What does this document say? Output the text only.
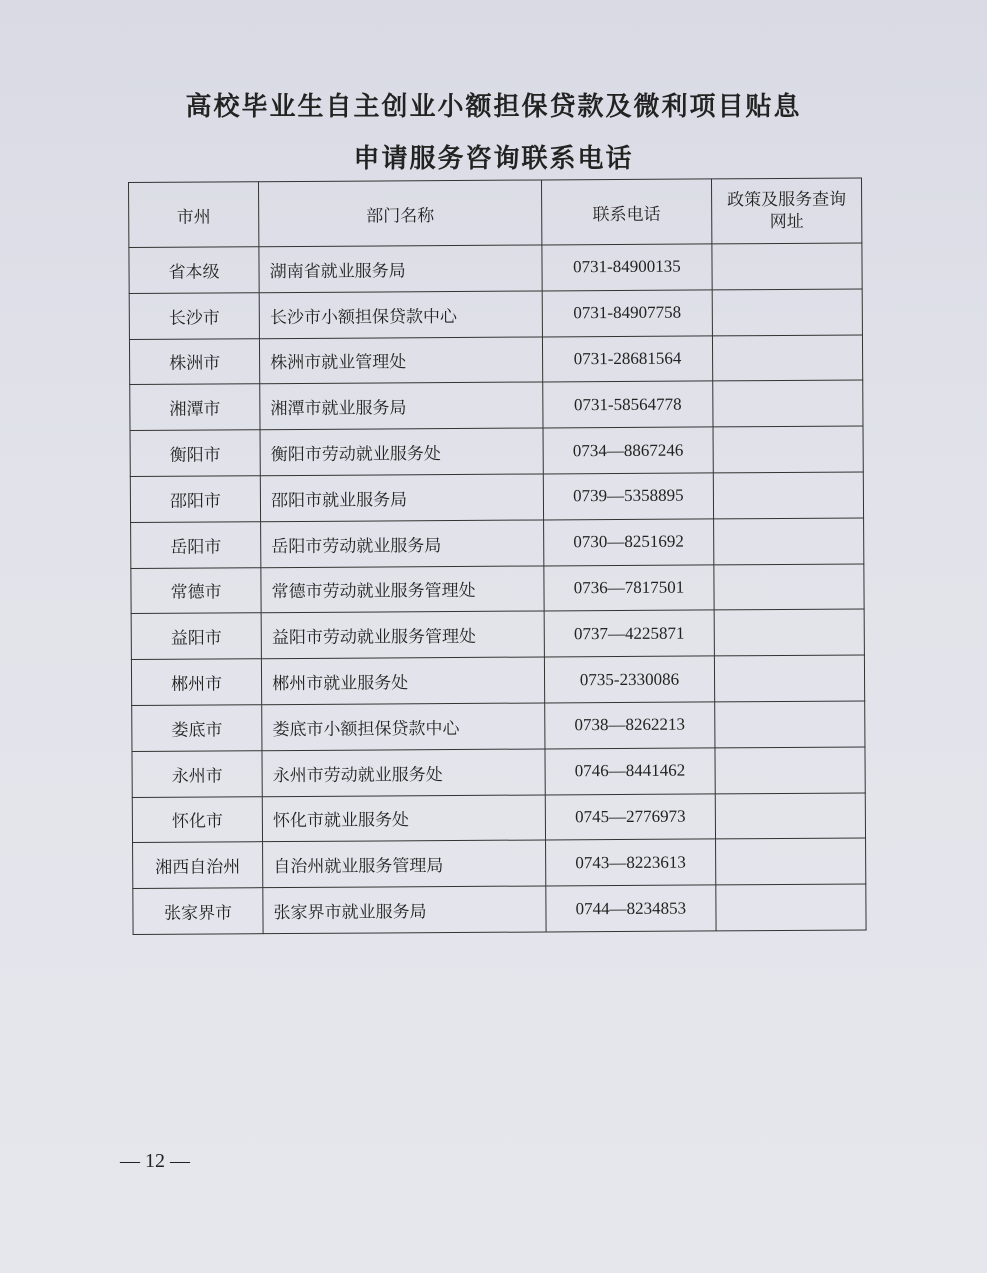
高校毕业生自主创业小额担保贷款及微利项目贴息
申请服务咨询联系电话
市州	部门名称	联系电话	政策及服务查询网址
省本级	湖南省就业服务局	0731-84900135	
长沙市	长沙市小额担保贷款中心	0731-84907758	
株洲市	株洲市就业管理处	0731-28681564	
湘潭市	湘潭市就业服务局	0731-58564778	
衡阳市	衡阳市劳动就业服务处	0734—8867246	
邵阳市	邵阳市就业服务局	0739—5358895	
岳阳市	岳阳市劳动就业服务局	0730—8251692	
常德市	常德市劳动就业服务管理处	0736—7817501	
益阳市	益阳市劳动就业服务管理处	0737—4225871	
郴州市	郴州市就业服务处	0735-2330086	
娄底市	娄底市小额担保贷款中心	0738—8262213	
永州市	永州市劳动就业服务处	0746—8441462	
怀化市	怀化市就业服务处	0745—2776973	
湘西自治州	自治州就业服务管理局	0743—8223613	
张家界市	张家界市就业服务局	0744—8234853	
— 12 —
